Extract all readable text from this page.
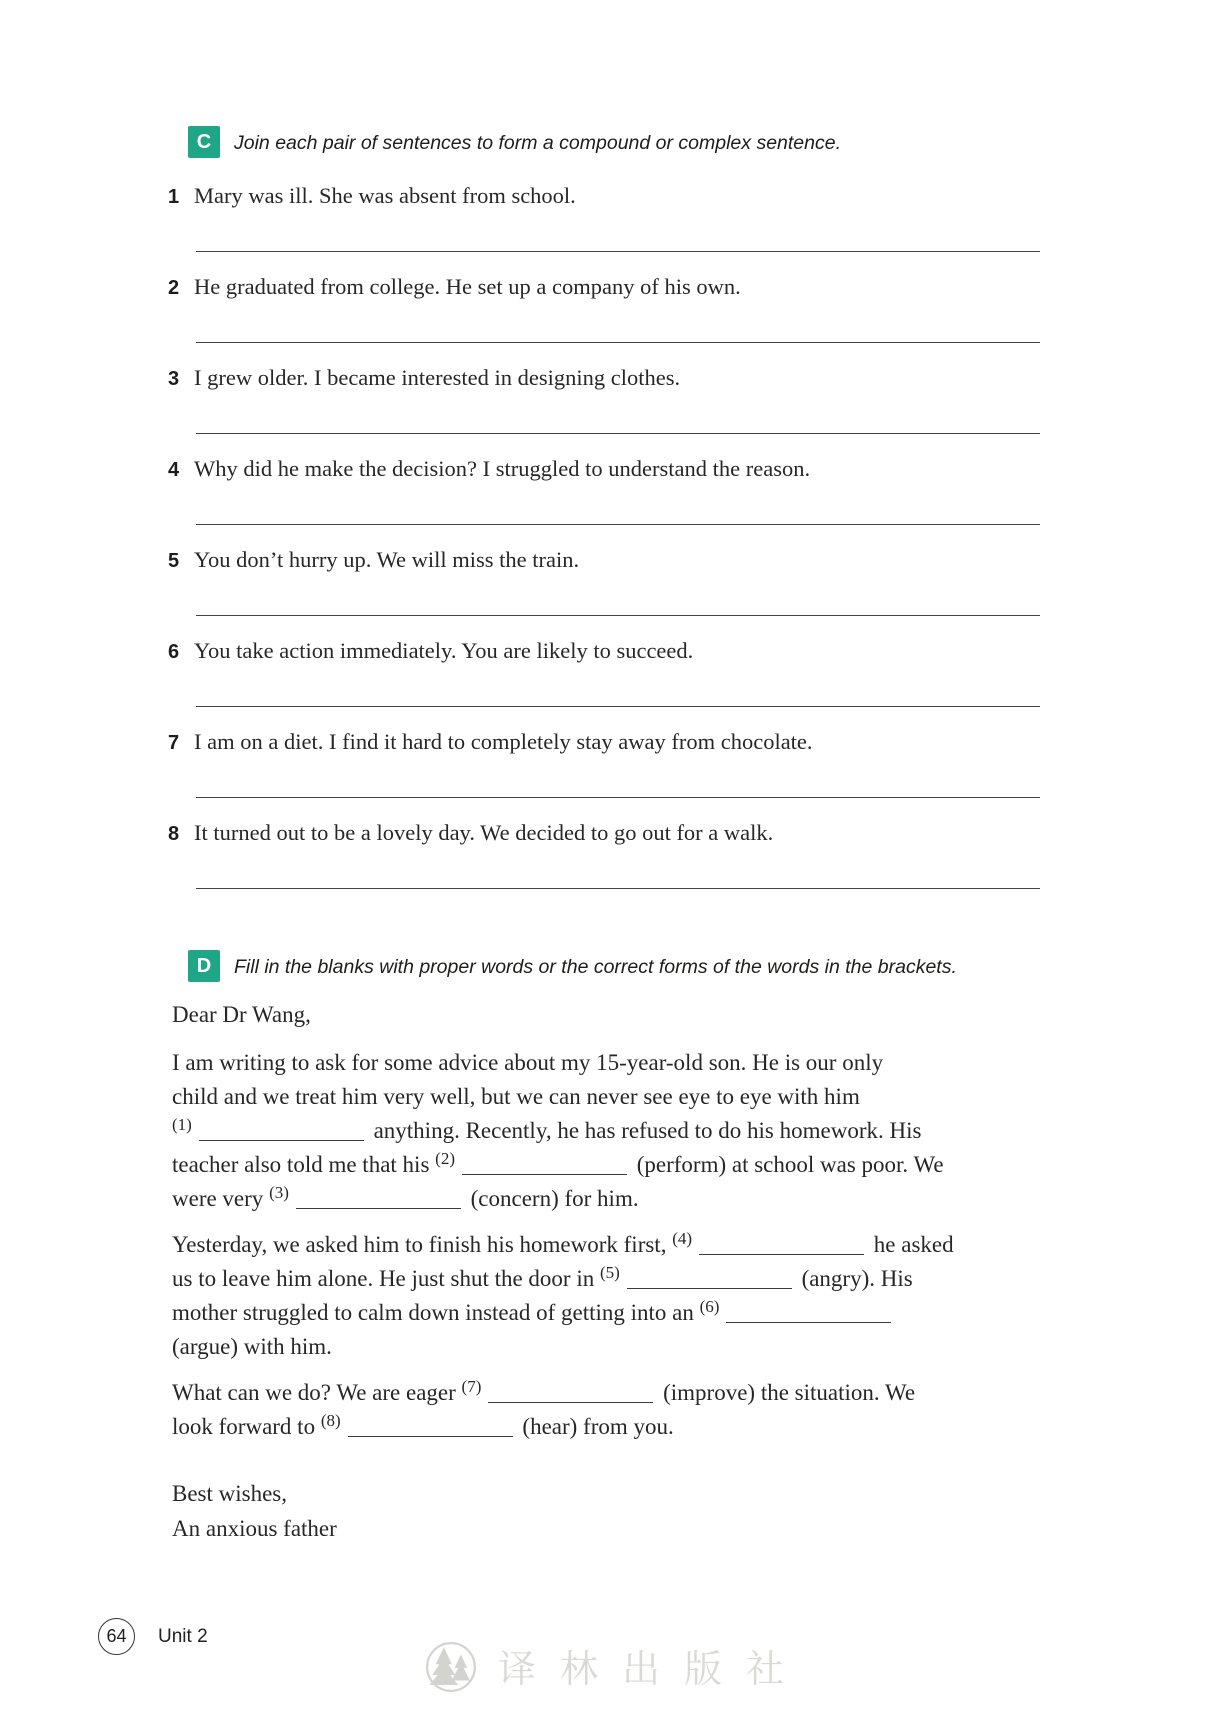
C Join each pair of sentences to form a compound or complex sentence.
1 Mary was ill. She was absent from school.
2 He graduated from college. He set up a company of his own.
3 I grew older. I became interested in designing clothes.
4 Why did he make the decision? I struggled to understand the reason.
5 You don’t hurry up. We will miss the train.
6 You take action immediately. You are likely to succeed.
7 I am on a diet. I find it hard to completely stay away from chocolate.
8 It turned out to be a lovely day. We decided to go out for a walk.
D Fill in the blanks with proper words or the correct forms of the words in the brackets.
Dear Dr Wang,
I am writing to ask for some advice about my 15-year-old son. He is our only
child and we treat him very well, but we can never see eye to eye with him
$^{(1)}$	anything. Recently, he has refused to do his homework. His
teacher also told me that his $^{(2)}$	(perform) at school was poor. We
were very $^{(3)}$	(concern) for him.
Yesterday, we asked him to finish his homework first, $^{(4)}$	he asked
us to leave him alone. He just shut the door in $^{(5)}$	(angry). His
mother struggled to calm down instead of getting into an $^{(6)}$
(argue) with him.
What can we do? We are eager $^{(7)}$	(improve) the situation. We
look forward to $^{(8)}$	(hear) from you.
Best wishes,
An anxious father
64 Unit 2
译林出版社
